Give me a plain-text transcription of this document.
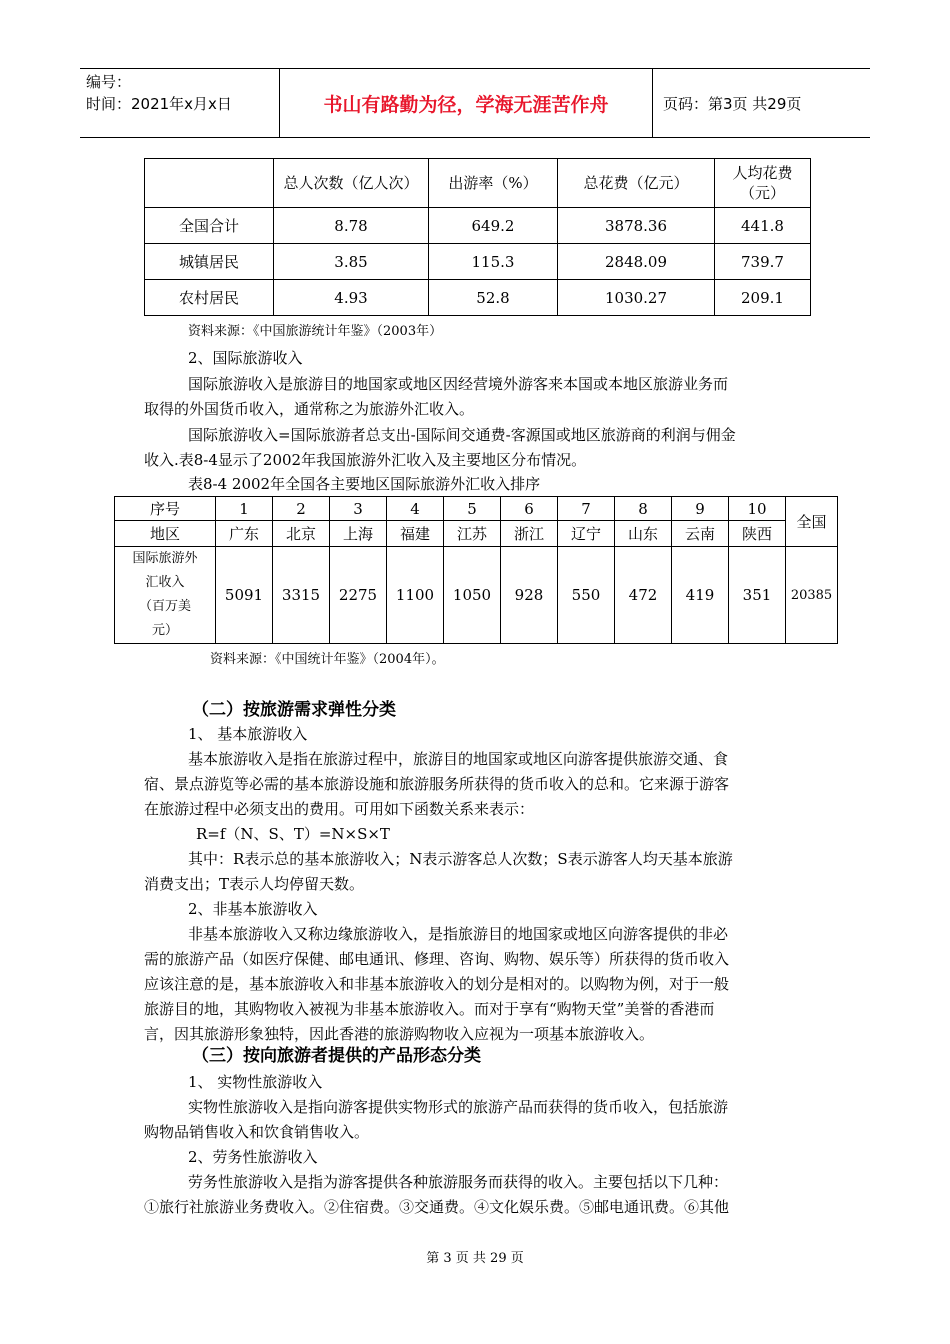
编号：
时间：2021年x月x日	书山有路勤为径，学海无涯苦作舟	页码：第3页 共29页
	总人次数（亿人次）	出游率（%）	总花费（亿元）	人均花费（元）
全国合计	8.78	649.2	3878.36	441.8
城镇居民	3.85	115.3	2848.09	739.7
农村居民	4.93	52.8	1030.27	209.1
资料来源：《中国旅游统计年鉴》（2003年）
2、国际旅游收入
国际旅游收入是旅游目的地国家或地区因经营境外游客来本国或本地区旅游业务而
取得的外国货币收入，通常称之为旅游外汇收入。
国际旅游收入=国际旅游者总支出-国际间交通费-客源国或地区旅游商的利润与佣金
收入.表8-4显示了2002年我国旅游外汇收入及主要地区分布情况。
表8-4 2002年全国各主要地区国际旅游外汇收入排序
序号	1	2	3	4	5	6	7	8	9	10	全国
地区	广东	北京	上海	福建	江苏	浙江	辽宁	山东	云南	陕西	

国际旅游外
汇收入
（百万美
元）	5091	3315	2275	1100	1050	928	550	472	419	351	20385
资料来源：《中国统计年鉴》（2004年）。
（二）按旅游需求弹性分类
1、 基本旅游收入
基本旅游收入是指在旅游过程中，旅游目的地国家或地区向游客提供旅游交通、食
宿、景点游览等必需的基本旅游设施和旅游服务所获得的货币收入的总和。它来源于游客
在旅游过程中必须支出的费用。可用如下函数关系来表示：
R=f（N、S、T）=N×S×T
其中：R表示总的基本旅游收入；N表示游客总人次数；S表示游客人均天基本旅游
消费支出；T表示人均停留天数。
2、非基本旅游收入
非基本旅游收入又称边缘旅游收入，是指旅游目的地国家或地区向游客提供的非必
需的旅游产品（如医疗保健、邮电通讯、修理、咨询、购物、娱乐等）所获得的货币收入
应该注意的是，基本旅游收入和非基本旅游收入的划分是相对的。以购物为例，对于一般
旅游目的地，其购物收入被视为非基本旅游收入。而对于享有“购物天堂”美誉的香港而
言，因其旅游形象独特，因此香港的旅游购物收入应视为一项基本旅游收入。
（三）按向旅游者提供的产品形态分类
1、 实物性旅游收入
实物性旅游收入是指向游客提供实物形式的旅游产品而获得的货币收入，包括旅游
购物品销售收入和饮食销售收入。
2、劳务性旅游收入
劳务性旅游收入是指为游客提供各种旅游服务而获得的收入。主要包括以下几种：
①旅行社旅游业务费收入。②住宿费。③交通费。④文化娱乐费。⑤邮电通讯费。⑥其他
第 3 页 共 29 页
